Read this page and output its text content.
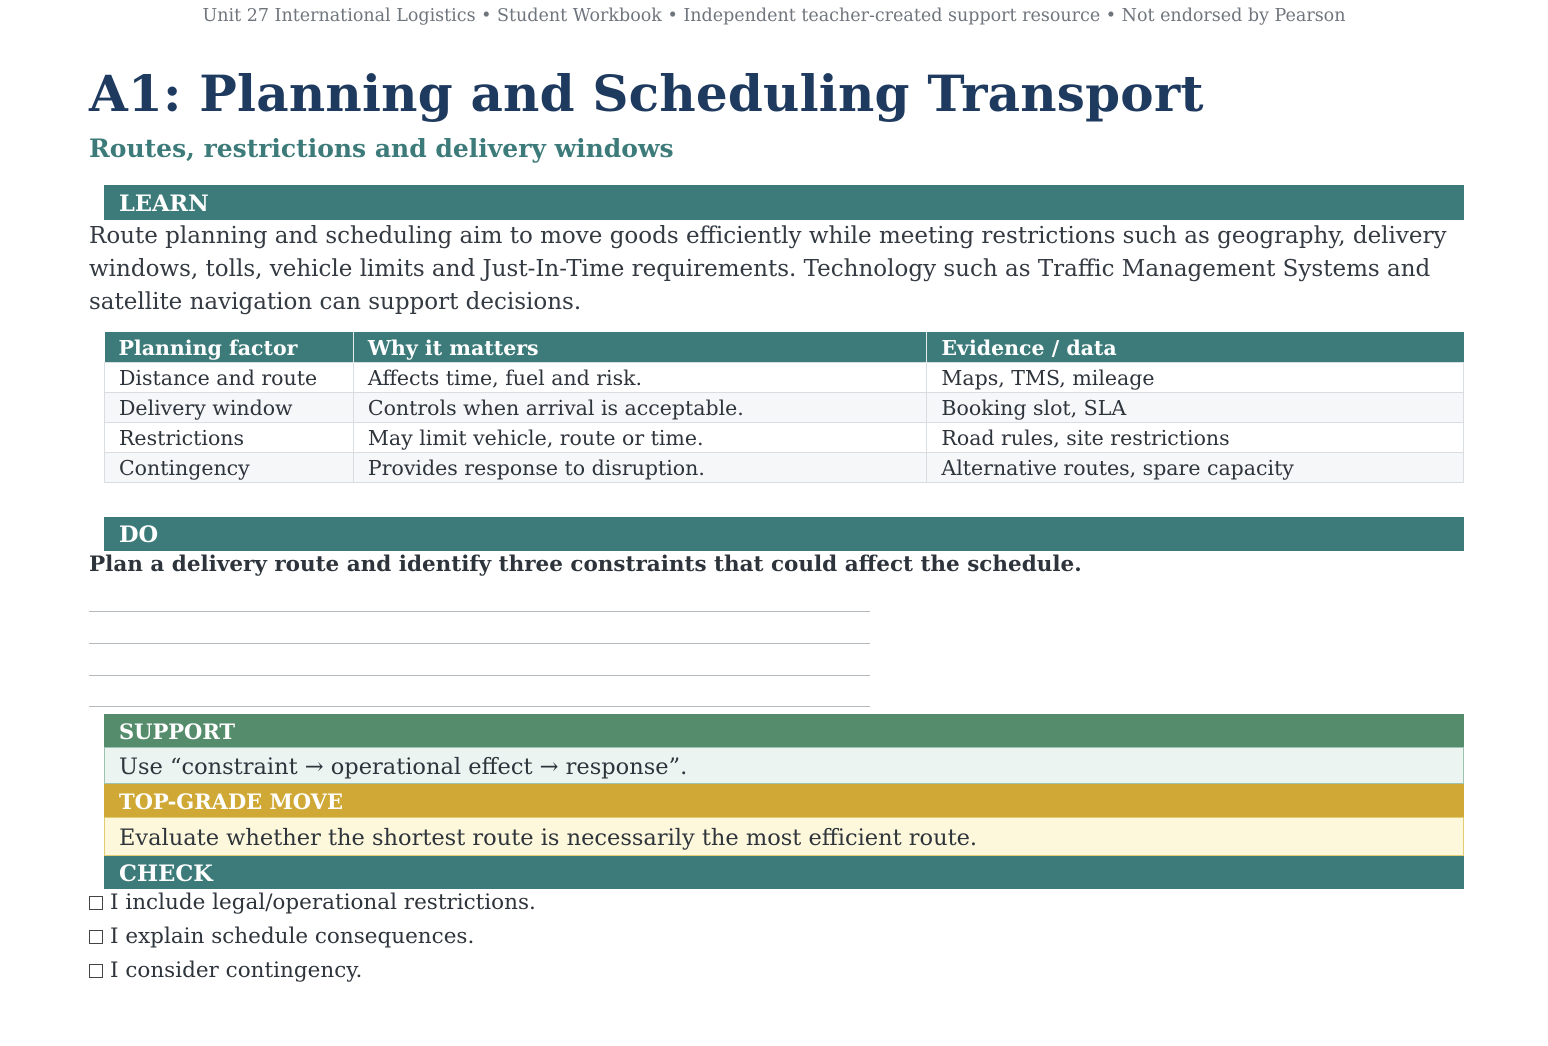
Unit 27 International Logistics • Student Workbook • Independent teacher-created support resource • Not endorsed by Pearson
A1: Planning and Scheduling Transport
Routes, restrictions and delivery windows
LEARN
Route planning and scheduling aim to move goods efficiently while meeting restrictions such as geography, delivery windows, tolls, vehicle limits and Just-In-Time requirements. Technology such as Traffic Management Systems and satellite navigation can support decisions.
Planning factor	Why it matters	Evidence / data
Distance and route	Affects time, fuel and risk.	Maps, TMS, mileage
Delivery window	Controls when arrival is acceptable.	Booking slot, SLA
Restrictions	May limit vehicle, route or time.	Road rules, site restrictions
Contingency	Provides response to disruption.	Alternative routes, spare capacity
DO
Plan a delivery route and identify three constraints that could affect the schedule.
SUPPORT
Use “constraint → operational effect → response”.
TOP-GRADE MOVE
Evaluate whether the shortest route is necessarily the most efficient route.
CHECK
I include legal/operational restrictions.
I explain schedule consequences.
I consider contingency.
